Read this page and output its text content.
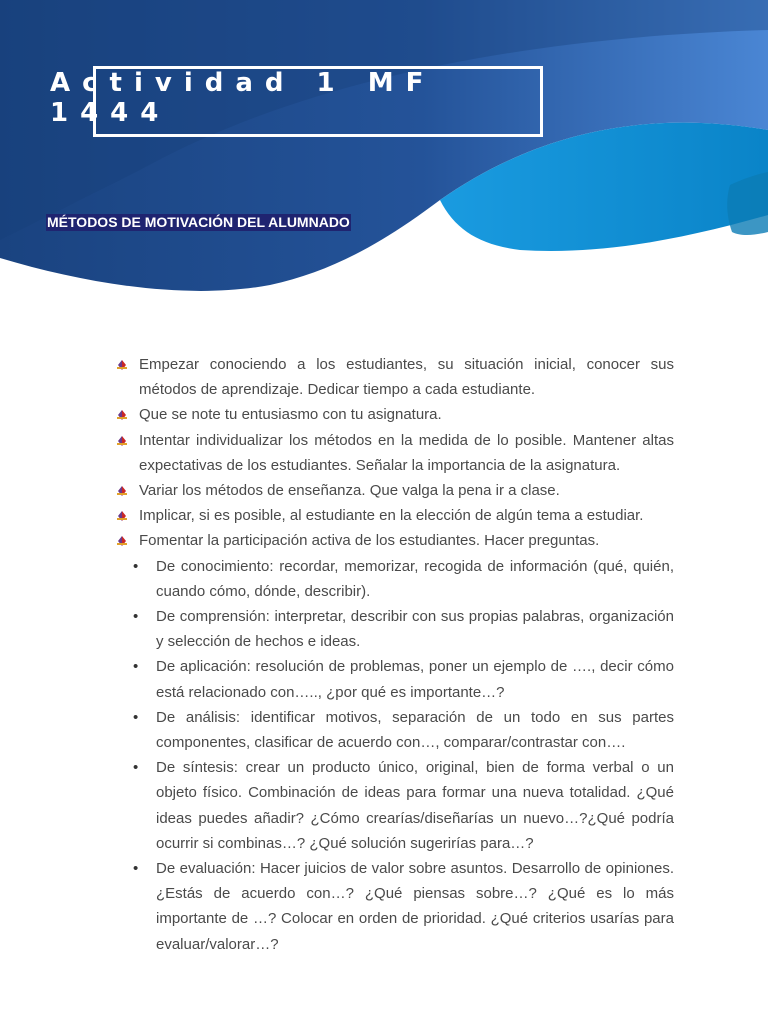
Actividad 1 MF 1444
MÉTODOS DE MOTIVACIÓN DEL ALUMNADO
Empezar conociendo a los estudiantes, su situación inicial, conocer sus métodos de aprendizaje. Dedicar tiempo a cada estudiante.
Que se note tu entusiasmo con tu asignatura.
Intentar individualizar los métodos en la medida de lo posible. Mantener altas expectativas de los estudiantes. Señalar la importancia de la asignatura.
Variar los métodos de enseñanza. Que valga la pena ir a clase.
Implicar, si es posible, al estudiante en la elección de algún tema a estudiar.
Fomentar la participación activa de los estudiantes. Hacer preguntas.
• De conocimiento: recordar, memorizar, recogida de información (qué, quién, cuando cómo, dónde, describir).
• De comprensión: interpretar, describir con sus propias palabras, organización y selección de hechos e ideas.
• De aplicación: resolución de problemas, poner un ejemplo de …., decir cómo está relacionado con….., ¿por qué es importante…?
• De análisis: identificar motivos, separación de un todo en sus partes componentes, clasificar de acuerdo con…, comparar/contrastar con….
• De síntesis: crear un producto único, original, bien de forma verbal o un objeto físico. Combinación de ideas para formar una nueva totalidad. ¿Qué ideas puedes añadir? ¿Cómo crearías/diseñarías un nuevo…?¿Qué podría ocurrir si combinas…? ¿Qué solución sugerirías para…?
• De evaluación: Hacer juicios de valor sobre asuntos. Desarrollo de opiniones. ¿Estás de acuerdo con…? ¿Qué piensas sobre…? ¿Qué es lo más importante de …? Colocar en orden de prioridad. ¿Qué criterios usarías para evaluar/valorar…?
